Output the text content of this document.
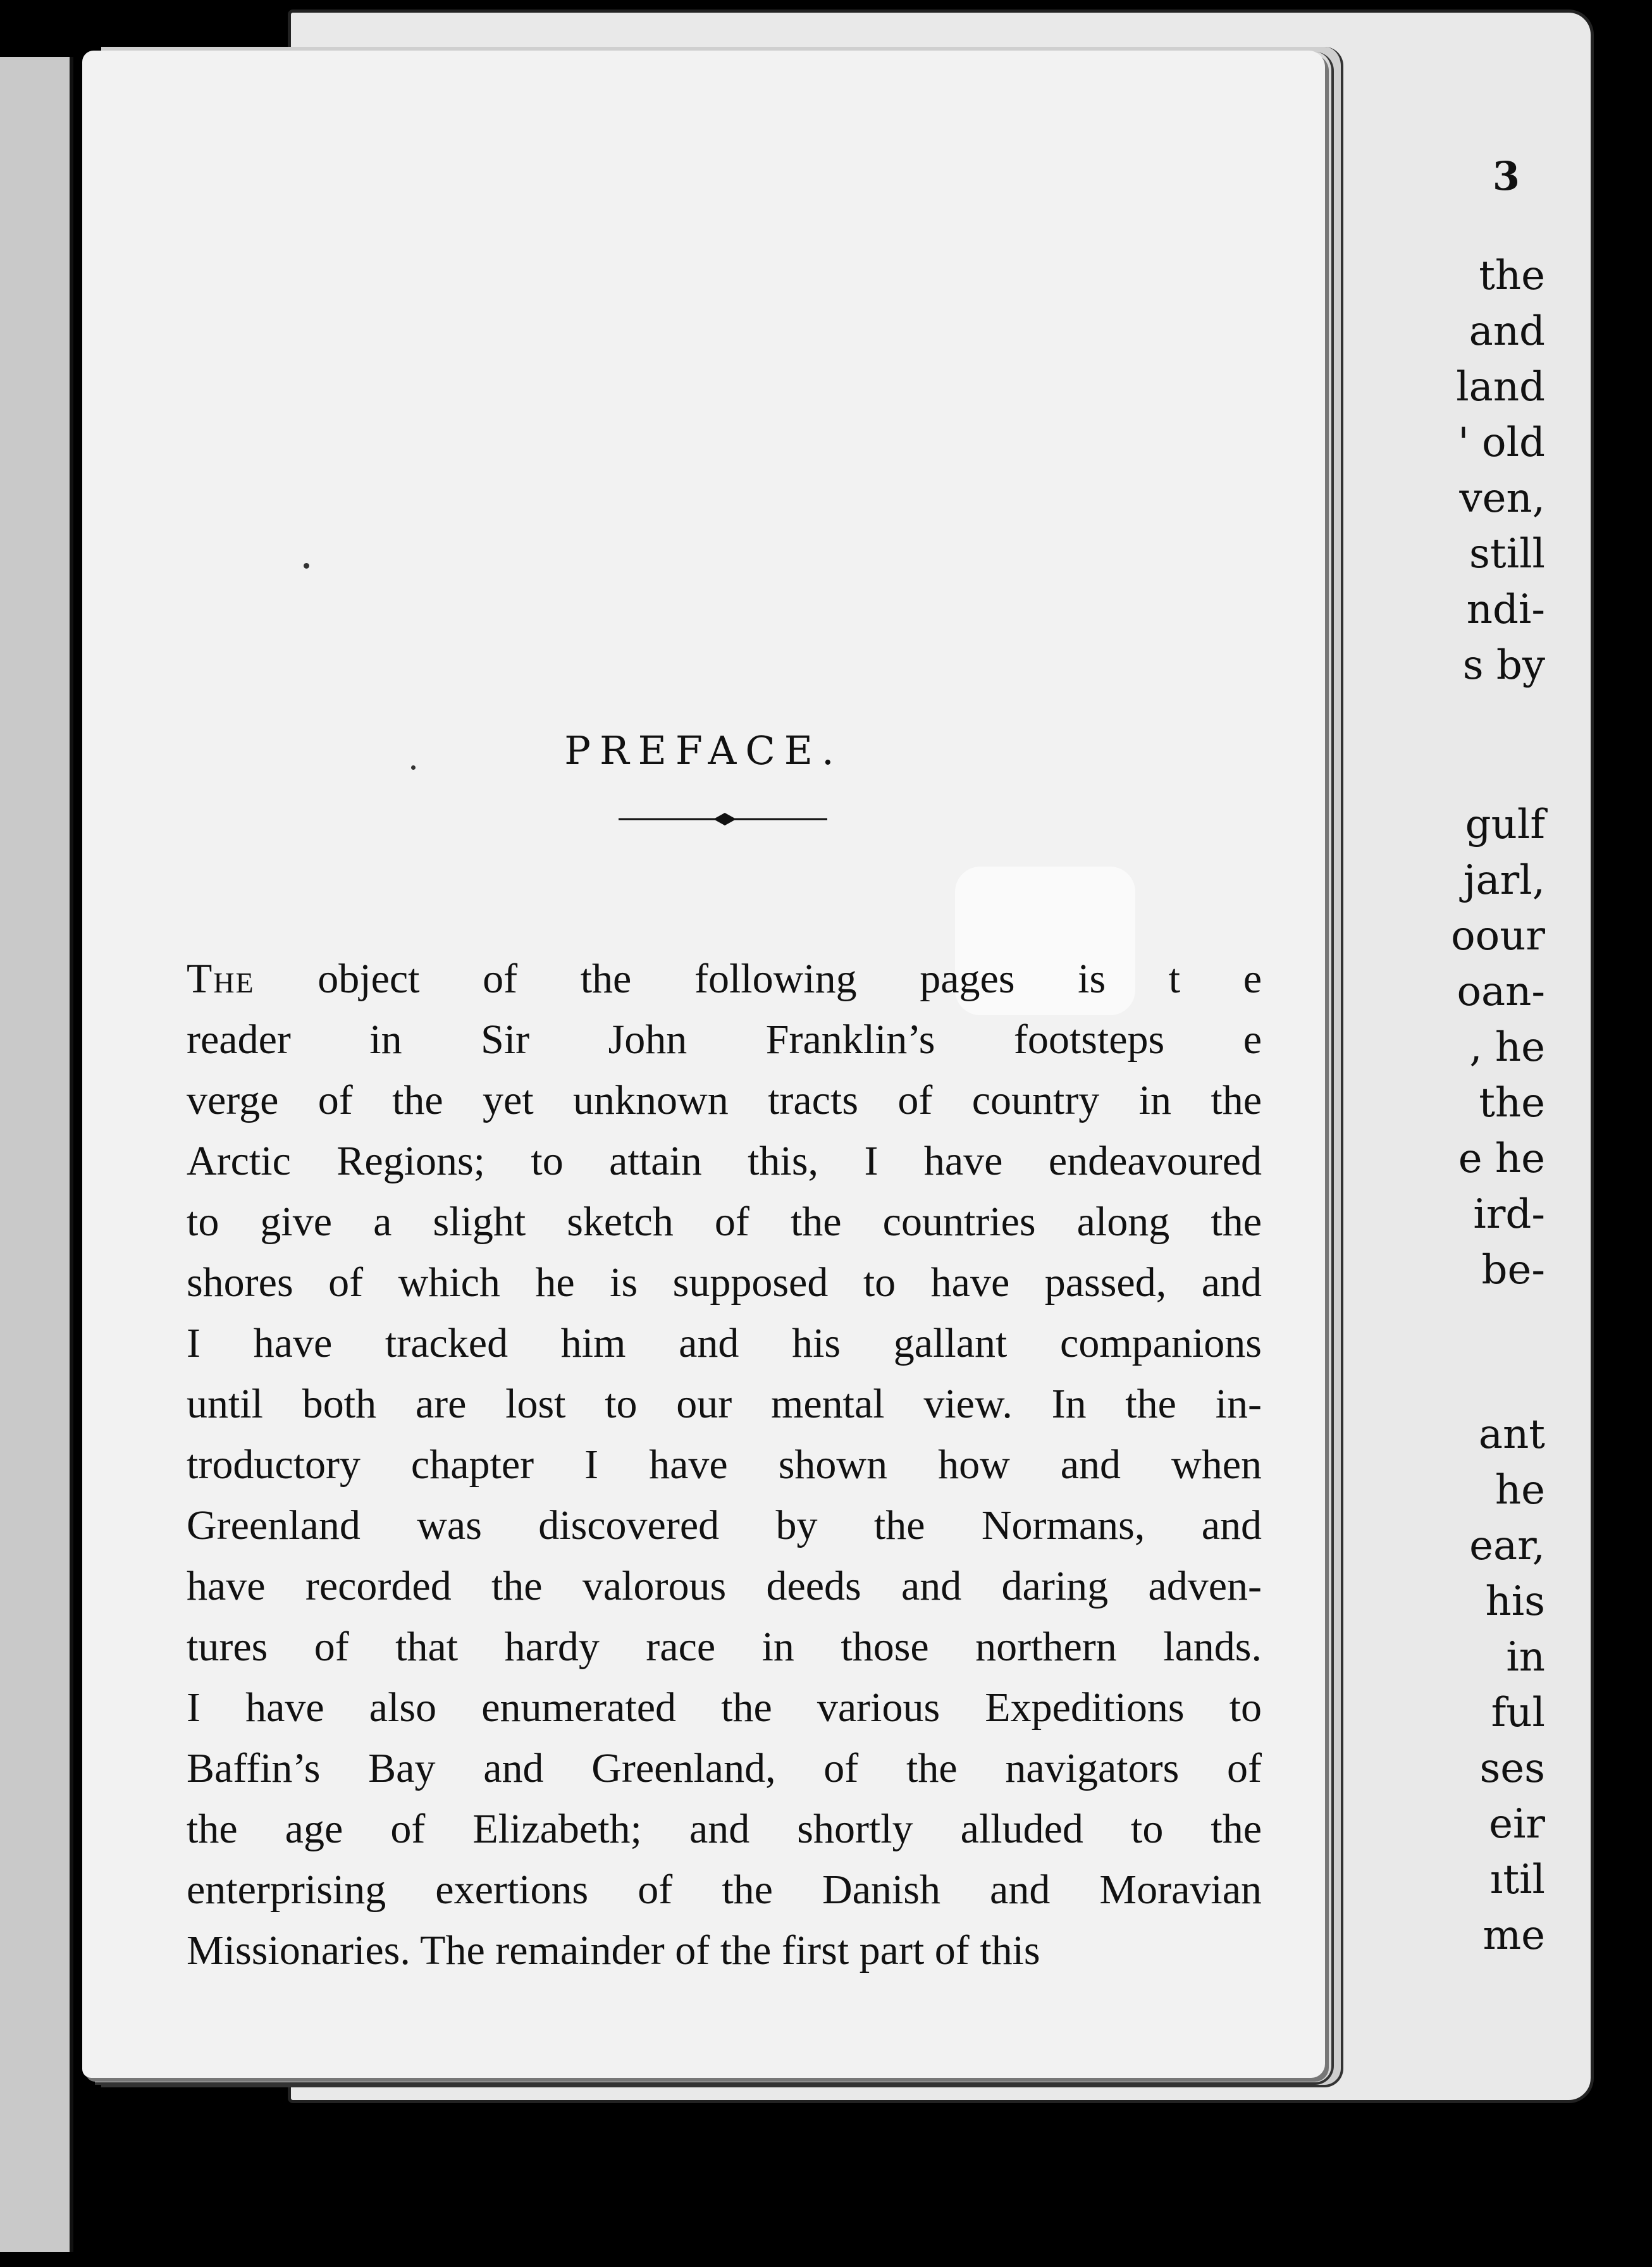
3
the
and
land
' old
ven,
still
ndi-
s by
gulf
jarl,
oour
oan-
, he
the
e he
ird-
be-
ant
he
ear,
his
in
ful
ses
eir
ıtil
me
PREFACE.
The object of the following pages is t e
reader in Sir John Franklin’s footsteps e
verge of the yet unknown tracts of country in the
Arctic Regions; to attain this, I have endeavoured
to give a slight sketch of the countries along the
shores of which he is supposed to have passed, and
I have tracked him and his gallant companions
until both are lost to our mental view. In the in-
troductory chapter I have shown how and when
Greenland was discovered by the Normans, and
have recorded the valorous deeds and daring adven-
tures of that hardy race in those northern lands.
I have also enumerated the various Expeditions to
Baffin’s Bay and Greenland, of the navigators of
the age of Elizabeth; and shortly alluded to the
enterprising exertions of the Danish and Moravian
Missionaries. The remainder of the first part of this
